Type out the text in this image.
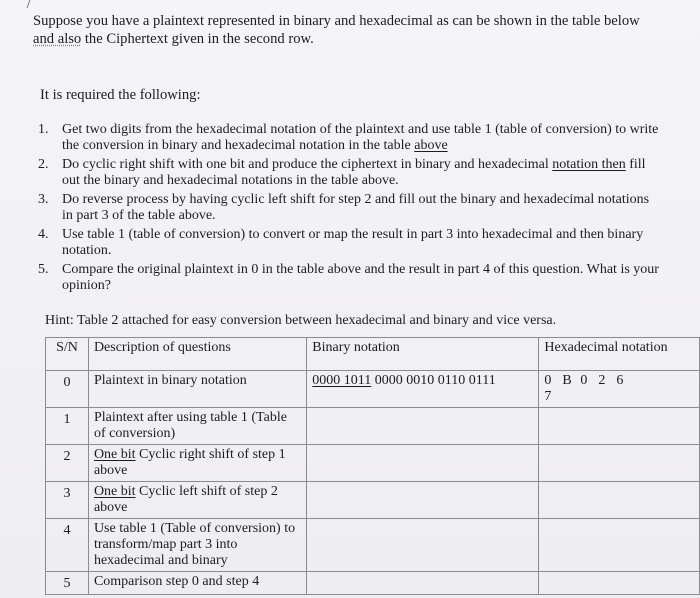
Suppose you have a plaintext represented in binary and hexadecimal as can be shown in the table below and also the Ciphertext given in the second row.
It is required the following:
1. Get two digits from the hexadecimal notation of the plaintext and use table 1 (table of conversion) to write the conversion in binary and hexadecimal notation in the table above
2. Do cyclic right shift with one bit and produce the ciphertext in binary and hexadecimal notation then fill out the binary and hexadecimal notations in the table above.
3. Do reverse process by having cyclic left shift for step 2 and fill out the binary and hexadecimal notations in part 3 of the table above.
4. Use table 1 (table of conversion) to convert or map the result in part 3 into hexadecimal and then binary notation.
5. Compare the original plaintext in 0 in the table above and the result in part 4 of this question. What is your opinion?
Hint: Table 2 attached for easy conversion between hexadecimal and binary and vice versa.
S/N	Description of questions	Binary notation	Hexadecimal notation
0	Plaintext in binary notation	0000 1011 0000 0010 0110 0111	0 B 0 2 6
7
1	Plaintext after using table 1 (Table of conversion)		
2	One bit Cyclic right shift of step 1 above		
3	One bit Cyclic left shift of step 2 above		
4	Use table 1 (Table of conversion) to transform/map part 3 into hexadecimal and binary		
5	Comparison step 0 and step 4		
